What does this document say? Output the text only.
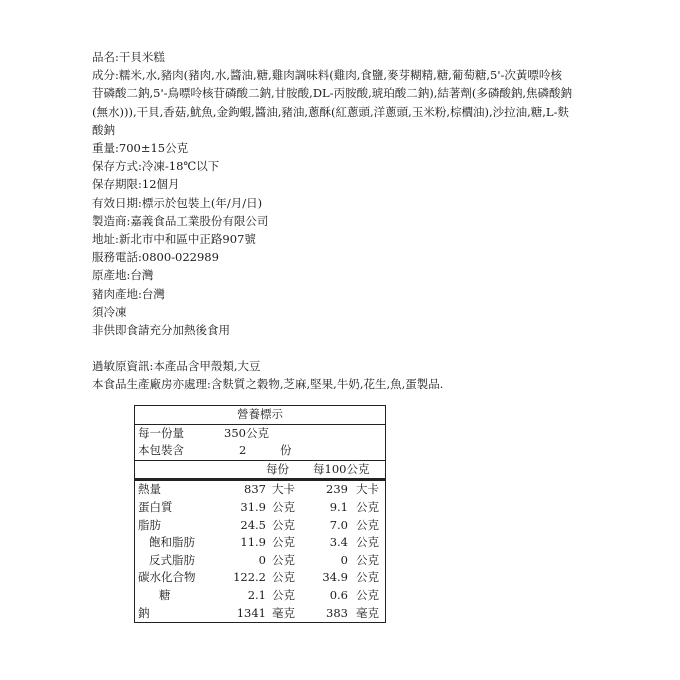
品名:干貝米糕
成分:糯米,水,豬肉(豬肉,水,醬油,糖,雞肉調味料(雞肉,食鹽,麥芽糊精,糖,葡萄糖,5'-次黃嘌呤核苷磷酸二鈉,5'-鳥嘌呤核苷磷酸二鈉,甘胺酸,DL-丙胺酸,琥珀酸二鈉),結著劑(多磷酸鈉,焦磷酸鈉(無水))),干貝,香菇,魷魚,金鉤蝦,醬油,豬油,蔥酥(紅蔥頭,洋蔥頭,玉米粉,棕櫚油),沙拉油,糖,L-麩酸鈉
重量:700±15公克
保存方式:冷凍-18℃以下
保存期限:12個月
有效日期:標示於包裝上(年/月/日)
製造商:嘉義食品工業股份有限公司
地址:新北市中和區中正路907號
服務電話:0800-022989
原產地:台灣
豬肉產地:台灣
須冷凍
非供即食請充分加熱後食用
過敏原資訊:本產品含甲殼類,大豆
本食品生產廠房亦處理:含麩質之穀物,芝麻,堅果,牛奶,花生,魚,蛋製品.
營養標示
每一份量	350公克
本包裝含	2	份
每份 每100公克
熱量	837 大卡	239 大卡
蛋白質	31.9 公克	9.1 公克
脂肪	24.5 公克	7.0 公克
飽和脂肪	11.9 公克	3.4 公克
反式脂肪	0 公克	0 公克
碳水化合物	122.2 公克 34.9 公克
糖	2.1 公克	0.6 公克
鈉	1341 毫克	383 毫克
